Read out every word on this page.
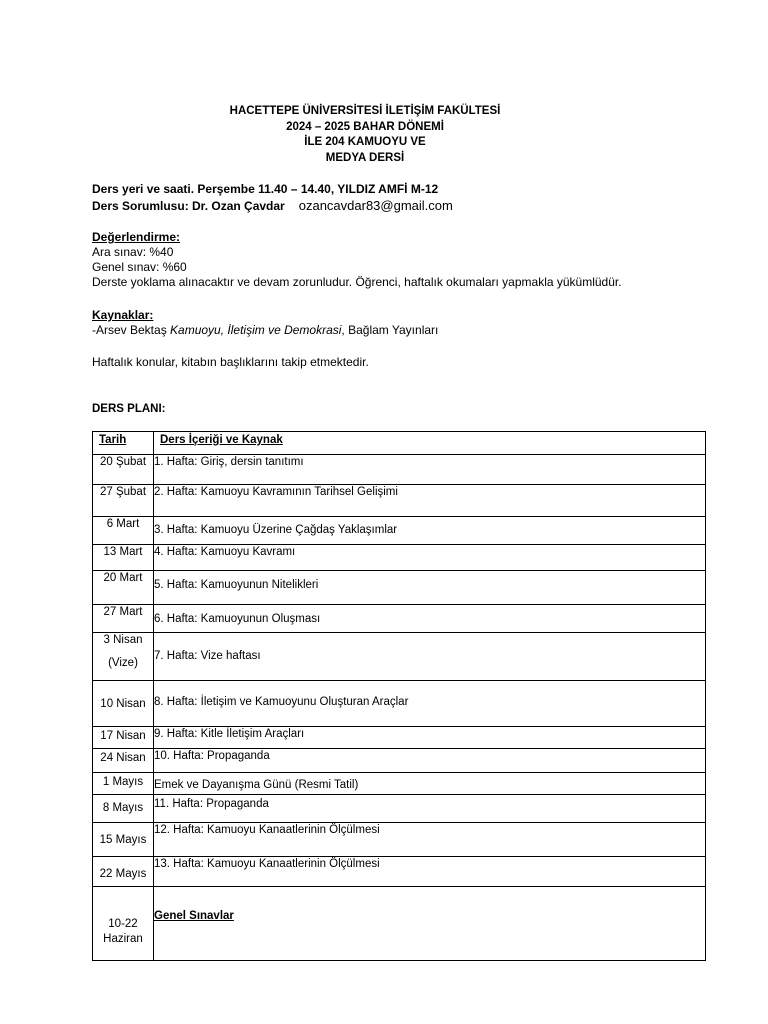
HACETTEPE ÜNİVERSİTESİ İLETİŞİM FAKÜLTESİ
2024 – 2025 BAHAR DÖNEMİ
İLE 204 KAMUOYU VE
MEDYA DERSİ
Ders yeri ve saati. Perşembe 11.40 – 14.40, YILDIZ AMFİ M-12
Ders Sorumlusu: Dr. Ozan Çavdar ozancavdar83@gmail.com
Değerlendirme:
Ara sınav: %40
Genel sınav: %60
Derste yoklama alınacaktır ve devam zorunludur. Öğrenci, haftalık okumaları yapmakla yükümlüdür.
Kaynaklar:
-Arsev Bektaş Kamuoyu, İletişim ve Demokrasi, Bağlam Yayınları
Haftalık konular, kitabın başlıklarını takip etmektedir.
DERS PLANI:
Tarih	Ders İçeriği ve Kaynak
20 Şubat	1. Hafta: Giriş, dersin tanıtımı
27 Şubat	2. Hafta: Kamuoyu Kavramının Tarihsel Gelişimi
6 Mart	3. Hafta: Kamuoyu Üzerine Çağdaş Yaklaşımlar
13 Mart	4. Hafta: Kamuoyu Kavramı
20 Mart	5. Hafta: Kamuoyunun Nitelikleri
27 Mart	6. Hafta: Kamuoyunun Oluşması

3 Nisan
(Vize)	7. Hafta: Vize haftası
10 Nisan	8. Hafta: İletişim ve Kamuoyunu Oluşturan Araçlar
17 Nisan	9. Hafta: Kitle İletişim Araçları
24 Nisan	10. Hafta: Propaganda
1 Mayıs	Emek ve Dayanışma Günü (Resmi Tatil)
8 Mayıs	11. Hafta: Propaganda
15 Mayıs	12. Hafta: Kamuoyu Kanaatlerinin Ölçülmesi
22 Mayıs	13. Hafta: Kamuoyu Kanaatlerinin Ölçülmesi
10-22 Haziran	Genel Sınavlar
